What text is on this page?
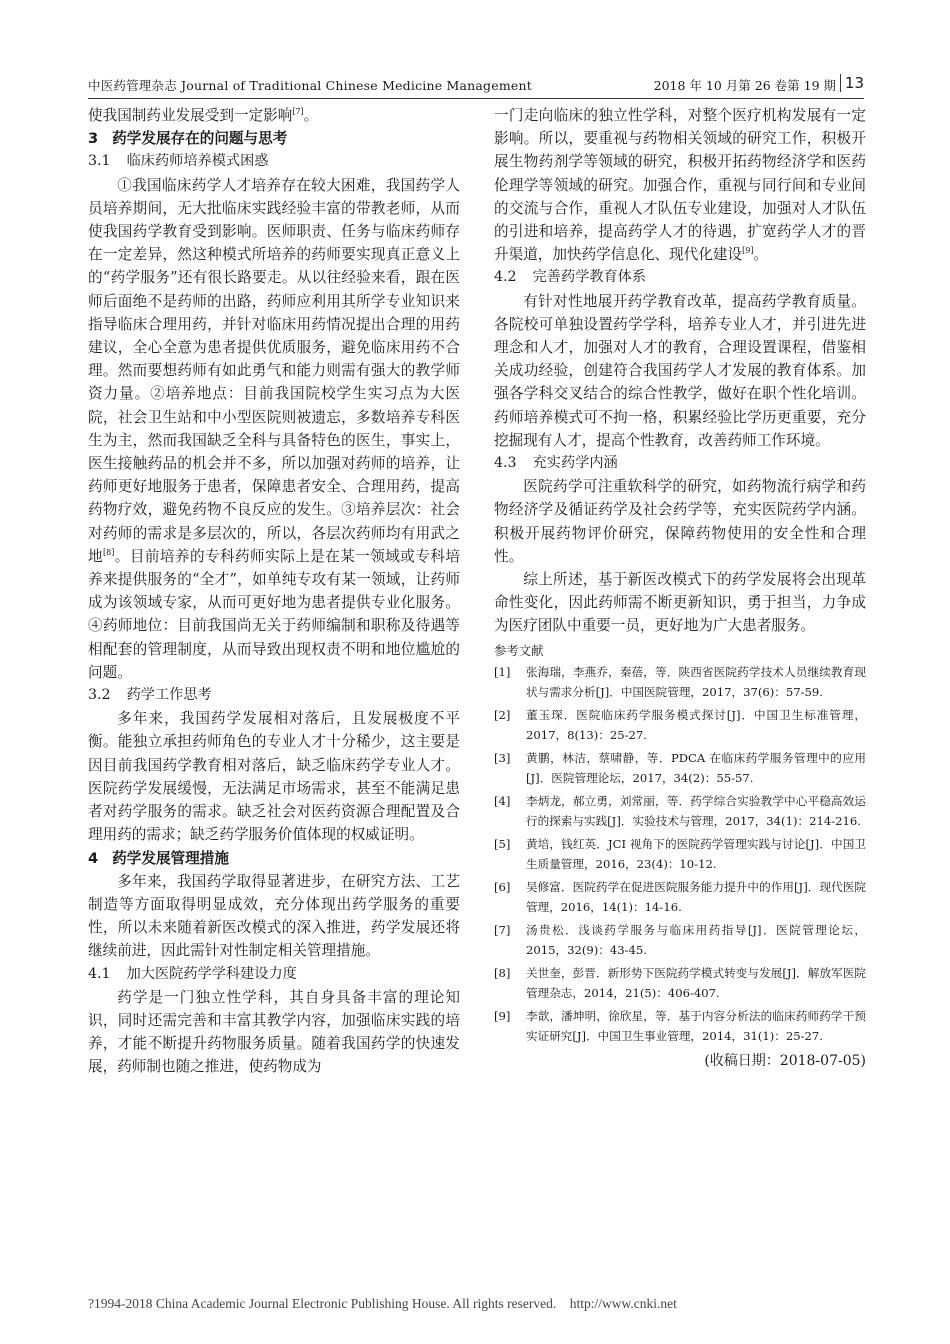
中医药管理杂志 Journal of Traditional Chinese Medicine Management	2018 年 10 月第 26 卷第 19 期 13

使我国制药业发展受到一定影响[7]。

3 药学发展存在的问题与思考
3.1 临床药师培养模式困惑

①我国临床药学人才培养存在较大困难，我国药学人员培养期间，无大批临床实践经验丰富的带教老师，从而使我国药学教育受到影响。医师职责、任务与临床药师存在一定差异，然这种模式所培养的药师要实现真正意义上的“药学服务”还有很长路要走。从以往经验来看，跟在医师后面绝不是药师的出路，药师应利用其所学专业知识来指导临床合理用药，并针对临床用药情况提出合理的用药建议，全心全意为患者提供优质服务，避免临床用药不合理。然而要想药师有如此勇气和能力则需有强大的教学师资力量。②培养地点：目前我国院校学生实习点为大医院，社会卫生站和中小型医院则被遗忘，多数培养专科医生为主，然而我国缺乏全科与具备特色的医生，事实上，医生接触药品的机会并不多，所以加强对药师的培养，让药师更好地服务于患者，保障患者安全、合理用药，提高药物疗效，避免药物不良反应的发生。③培养层次：社会对药师的需求是多层次的，所以，各层次药师均有用武之地[8]。目前培养的专科药师实际上是在某一领域或专科培养来提供服务的“全才”，如单纯专攻有某一领域，让药师成为该领域专家，从而可更好地为患者提供专业化服务。④药师地位：目前我国尚无关于药师编制和职称及待遇等相配套的管理制度，从而导致出现权责不明和地位尴尬的问题。

3.2 药学工作思考

多年来，我国药学发展相对落后，且发展极度不平衡。能独立承担药师角色的专业人才十分稀少，这主要是因目前我国药学教育相对落后，缺乏临床药学专业人才。医院药学发展缓慢，无法满足市场需求，甚至不能满足患者对药学服务的需求。缺乏社会对医药资源合理配置及合理用药的需求；缺乏药学服务价值体现的权威证明。

4 药学发展管理措施

多年来，我国药学取得显著进步，在研究方法、工艺制造等方面取得明显成效，充分体现出药学服务的重要性，所以未来随着新医改模式的深入推进，药学发展还将继续前进，因此需针对性制定相关管理措施。

4.1 加大医院药学学科建设力度

药学是一门独立性学科，其自身具备丰富的理论知识，同时还需完善和丰富其教学内容，加强临床实践的培养，才能不断提升药物服务质量。随着我国药学的快速发展，药师制也随之推进，使药物成为

一门走向临床的独立性学科，对整个医疗机构发展有一定影响。所以，要重视与药物相关领域的研究工作，积极开展生物药剂学等领域的研究，积极开拓药物经济学和医药伦理学等领域的研究。加强合作，重视与同行间和专业间的交流与合作，重视人才队伍专业建设，加强对人才队伍的引进和培养，提高药学人才的待遇，扩宽药学人才的晋升渠道，加快药学信息化、现代化建设[9]。

4.2 完善药学教育体系

有针对性地展开药学教育改革，提高药学教育质量。各院校可单独设置药学学科，培养专业人才，并引进先进理念和人才，加强对人才的教育，合理设置课程，借鉴相关成功经验，创建符合我国药学人才发展的教育体系。加强各学科交叉结合的综合性教学，做好在职个性化培训。药师培养模式可不拘一格，积累经验比学历更重要，充分挖掘现有人才，提高个性教育，改善药师工作环境。

4.3 充实药学内涵

医院药学可注重软科学的研究，如药物流行病学和药物经济学及循证药学及社会药学等，充实医院药学内涵。积极开展药物评价研究，保障药物使用的安全性和合理性。

综上所述，基于新医改模式下的药学发展将会出现革命性变化，因此药师需不断更新知识，勇于担当，力争成为医疗团队中重要一员，更好地为广大患者服务。

参考文献
[1] 张海瑞，李燕乔，秦蓓，等．陕西省医院药学技术人员继续教育现状与需求分析[J]．中国医院管理，2017，37(6)：57-59.
[2] 董玉琛．医院临床药学服务模式探讨[J]．中国卫生标准管理，2017，8(13)：25-27.
[3] 黄鹏，林洁，蔡啸静，等．PDCA 在临床药学服务管理中的应用[J]．医院管理论坛，2017，34(2)：55-57.
[4] 李炳龙，郝立勇，刘常丽，等．药学综合实验教学中心平稳高效运行的探索与实践[J]．实验技术与管理，2017，34(1)：214-216.
[5] 黄培，钱红英．JCI 视角下的医院药学管理实践与讨论[J]．中国卫生质量管理，2016，23(4)：10-12.
[6] 吴修富．医院药学在促进医院服务能力提升中的作用[J]．现代医院管理，2016，14(1)：14-16.
[7] 汤贵松．浅谈药学服务与临床用药指导[J]．医院管理论坛，2015，32(9)：43-45.
[8] 关世奎，彭晋．新形势下医院药学模式转变与发展[J]．解放军医院管理杂志，2014，21(5)：406-407.
[9] 李歆，潘坤明，徐欣星，等．基于内容分析法的临床药师药学干预实证研究[J]．中国卫生事业管理，2014，31(1)：25-27.
(收稿日期：2018-07-05)
?1994-2018 China Academic Journal Electronic Publishing House. All rights reserved.    http://www.cnki.net
